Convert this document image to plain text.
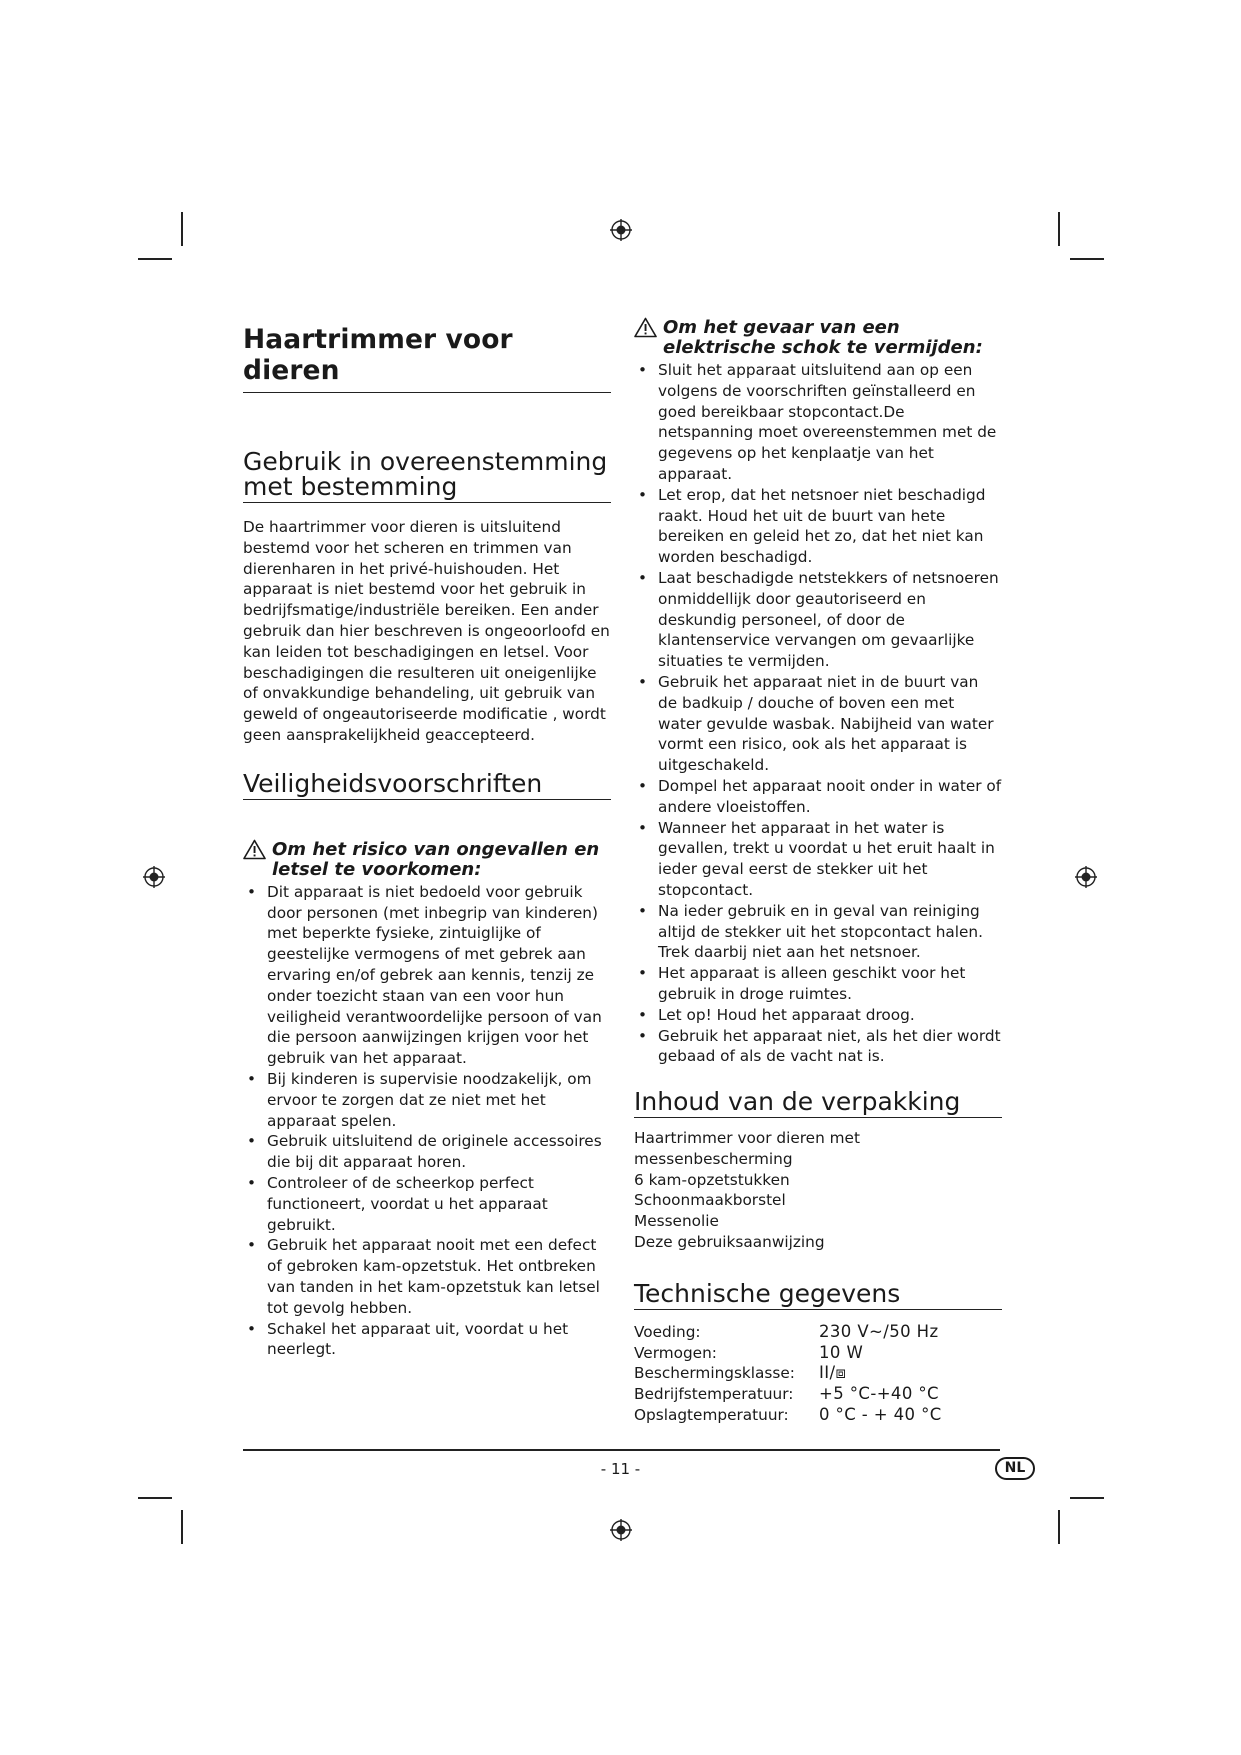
Haartrimmer voor dieren
Gebruik in overeenstemming met bestemming

De haartrimmer voor dieren is uitsluitend bestemd voor het scheren en trimmen van dierenharen in het privé-huishouden. Het apparaat is niet bestemd voor het gebruik in bedrijfsmatige/industriële bereiken. Een ander gebruik dan hier beschreven is ongeoorloofd en kan leiden tot beschadigingen en letsel. Voor beschadigingen die resulteren uit oneigenlijke of onvakkundige behandeling, uit gebruik van geweld of ongeautoriseerde modificatie , wordt geen aansprakelijkheid geaccepteerd.

Veiligheidsvoorschriften
Om het risico van ongevallen en letsel te voorkomen:
• Dit apparaat is niet bedoeld voor gebruik door personen (met inbegrip van kinderen) met beperkte fysieke, zintuiglijke of geestelijke vermogens of met gebrek aan ervaring en/of gebrek aan kennis, tenzij ze onder toezicht staan van een voor hun veiligheid verantwoordelijke persoon of van die persoon aanwijzingen krijgen voor het gebruik van het apparaat.
• Bij kinderen is supervisie noodzakelijk, om ervoor te zorgen dat ze niet met het apparaat spelen.
• Gebruik uitsluitend de originele accessoires die bij dit apparaat horen.
• Controleer of de scheerkop perfect functioneert, voordat u het apparaat gebruikt.
• Gebruik het apparaat nooit met een defect of gebroken kam-opzetstuk. Het ontbreken van tanden in het kam-opzetstuk kan letsel tot gevolg hebben.
• Schakel het apparaat uit, voordat u het neerlegt.
Om het gevaar van een elektrische schok te vermijden:
• Sluit het apparaat uitsluitend aan op een volgens de voorschriften geïnstalleerd en goed bereikbaar stopcontact.De netspanning moet overeenstemmen met de gegevens op het kenplaatje van het apparaat.
• Let erop, dat het netsnoer niet beschadigd raakt. Houd het uit de buurt van hete bereiken en geleid het zo, dat het niet kan worden beschadigd.
• Laat beschadigde netstekkers of netsnoeren onmiddellijk door geautoriseerd en deskundig personeel, of door de klantenservice vervangen om gevaarlijke situaties te vermijden.
• Gebruik het apparaat niet in de buurt van de badkuip / douche of boven een met water gevulde wasbak. Nabijheid van water vormt een risico, ook als het apparaat is uitgeschakeld.
• Dompel het apparaat nooit onder in water of andere vloeistoffen.
• Wanneer het apparaat in het water is gevallen, trekt u voordat u het eruit haalt in ieder geval eerst de stekker uit het stopcontact.
• Na ieder gebruik en in geval van reiniging altijd de stekker uit het stopcontact halen.
Trek daarbij niet aan het netsnoer.
• Het apparaat is alleen geschikt voor het gebruik in droge ruimtes.
• Let op! Houd het apparaat droog.
• Gebruik het apparaat niet, als het dier wordt gebaad of als de vacht nat is.
Inhoud van de verpakking
Haartrimmer voor dieren met messenbescherming
6 kam-opzetstukken
Schoonmaakborstel
Messenolie
Deze gebruiksaanwijzing
Technische gegevens
Voeding:	230 V~/50 Hz
Vermogen:	10 W
Beschermingsklasse:	II/⧈
Bedrijfstemperatuur:	+5 °C-+40 °C
Opslagtemperatuur:	0 °C - + 40 °C
- 11 -	NL
